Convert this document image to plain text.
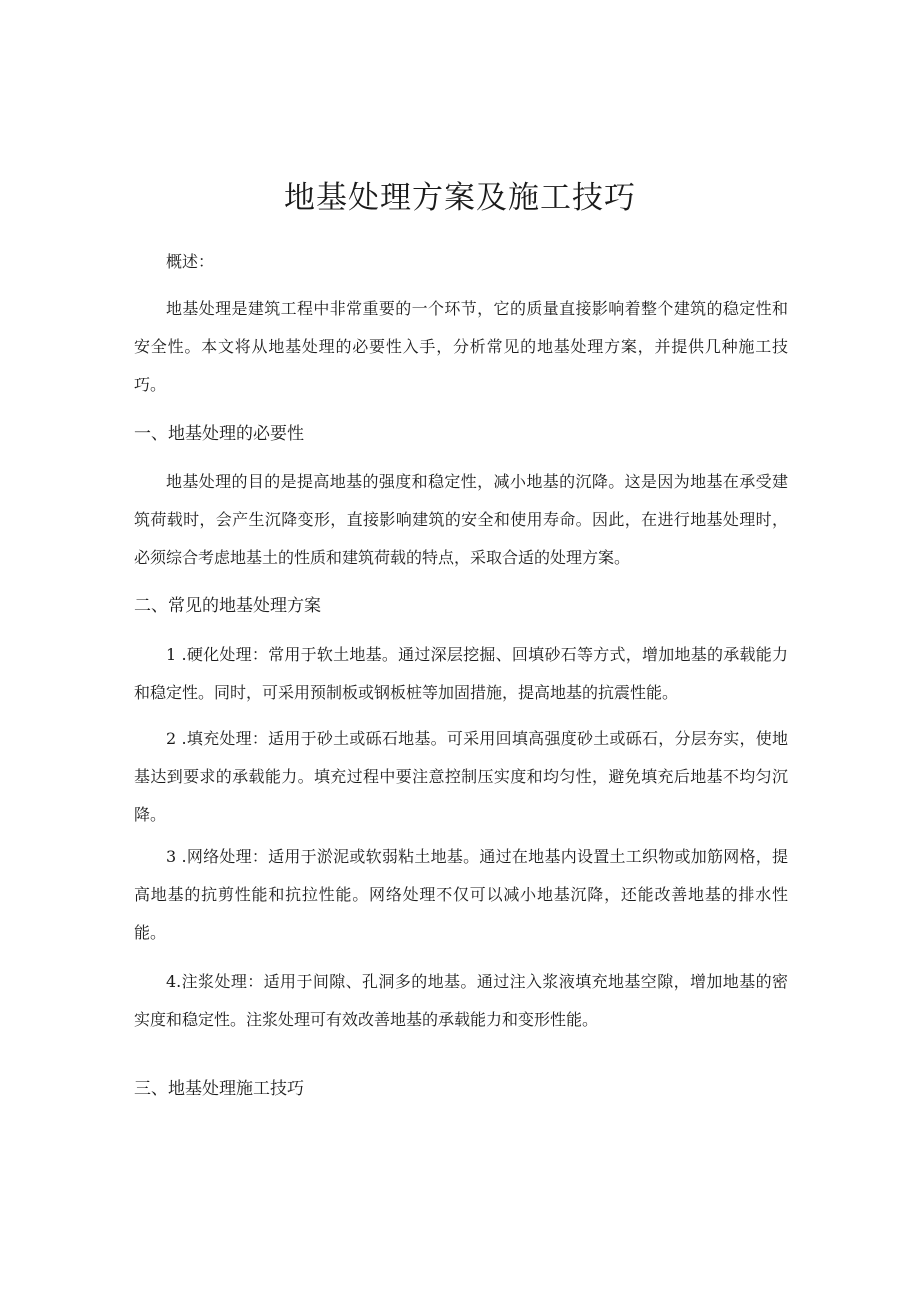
地基处理方案及施工技巧

概述：

地基处理是建筑工程中非常重要的一个环节，它的质量直接影响着整个建筑的稳定性和安全性。本文将从地基处理的必要性入手，分析常见的地基处理方案，并提供几种施工技巧。

一、地基处理的必要性

地基处理的目的是提高地基的强度和稳定性，减小地基的沉降。这是因为地基在承受建筑荷载时，会产生沉降变形，直接影响建筑的安全和使用寿命。因此，在进行地基处理时，必须综合考虑地基土的性质和建筑荷载的特点，采取合适的处理方案。

二、常见的地基处理方案

1 .硬化处理：常用于软土地基。通过深层挖掘、回填砂石等方式，增加地基的承载能力和稳定性。同时，可采用预制板或钢板桩等加固措施，提高地基的抗震性能。

2 .填充处理：适用于砂土或砾石地基。可采用回填高强度砂土或砾石，分层夯实，使地基达到要求的承载能力。填充过程中要注意控制压实度和均匀性，避免填充后地基不均匀沉降。

3 .网络处理：适用于淤泥或软弱粘土地基。通过在地基内设置土工织物或加筋网格，提高地基的抗剪性能和抗拉性能。网络处理不仅可以减小地基沉降，还能改善地基的排水性能。

4.注浆处理：适用于间隙、孔洞多的地基。通过注入浆液填充地基空隙，增加地基的密实度和稳定性。注浆处理可有效改善地基的承载能力和变形性能。

三、地基处理施工技巧
